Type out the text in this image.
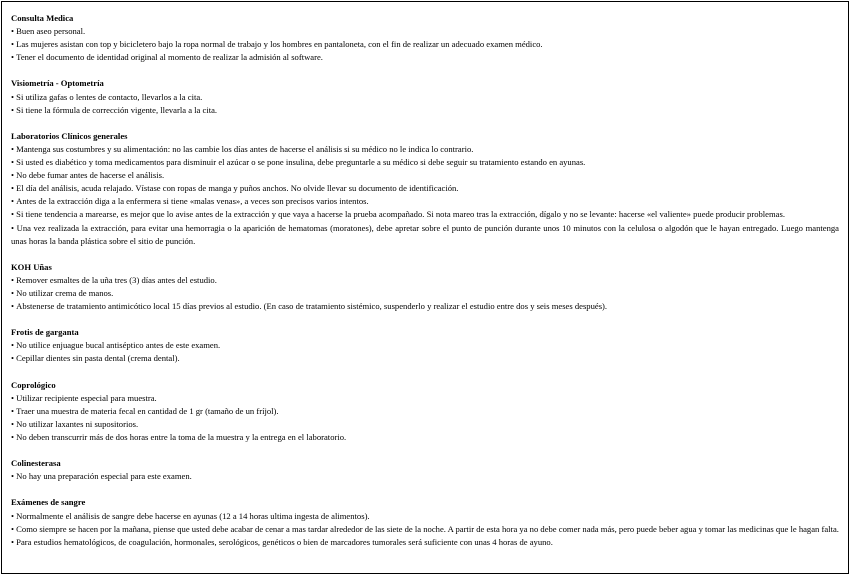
Consulta Medica
• Buen aseo personal.
• Las mujeres asistan con top y bicicletero bajo la ropa normal de trabajo y los hombres en pantaloneta, con el fin de realizar un adecuado examen médico.
• Tener el documento de identidad original al momento de realizar la admisión al software.
Visiometría - Optometría
• Si utiliza gafas o lentes de contacto, llevarlos a la cita.
• Si tiene la fórmula de corrección vigente, llevarla a la cita.
Laboratorios Clínicos generales
• Mantenga sus costumbres y su alimentación: no las cambie los días antes de hacerse el análisis si su médico no le indica lo contrario.
• Si usted es diabético y toma medicamentos para disminuir el azúcar o se pone insulina, debe preguntarle a su médico si debe seguir su tratamiento estando en ayunas.
• No debe fumar antes de hacerse el análisis.
• El día del análisis, acuda relajado. Vístase con ropas de manga y puños anchos. No olvide llevar su documento de identificación.
• Antes de la extracción diga a la enfermera si tiene «malas venas», a veces son precisos varios intentos.
• Si tiene tendencia a marearse, es mejor que lo avise antes de la extracción y que vaya a hacerse la prueba acompañado. Si nota mareo tras la extracción, dígalo y no se levante: hacerse «el valiente» puede producir problemas.
• Una vez realizada la extracción, para evitar una hemorragia o la aparición de hematomas (moratones), debe apretar sobre el punto de punción durante unos 10 minutos con la celulosa o algodón que le hayan entregado. Luego mantenga unas horas la banda plástica sobre el sitio de punción.
KOH Uñas
• Remover esmaltes de la uña tres (3) días antes del estudio.
• No utilizar crema de manos.
• Abstenerse de tratamiento antimicótico local 15 días previos al estudio. (En caso de tratamiento sistémico, suspenderlo y realizar el estudio entre dos y seis meses después).
Frotis de garganta
• No utilice enjuague bucal antiséptico antes de este examen.
• Cepillar dientes sin pasta dental (crema dental).
Coprológico
• Utilizar recipiente especial para muestra.
• Traer una muestra de materia fecal en cantidad de 1 gr (tamaño de un fríjol).
• No utilizar laxantes ni supositorios.
• No deben transcurrir más de dos horas entre la toma de la muestra y la entrega en el laboratorio.
Colinesterasa
• No hay una preparación especial para este examen.
Exámenes de sangre
• Normalmente el análisis de sangre debe hacerse en ayunas (12 a 14 horas ultima ingesta de alimentos).
• Como siempre se hacen por la mañana, piense que usted debe acabar de cenar a mas tardar alrededor de las siete de la noche. A partir de esta hora ya no debe comer nada más, pero puede beber agua y tomar las medicinas que le hagan falta.
• Para estudios hematológicos, de coagulación, hormonales, serológicos, genéticos o bien de marcadores tumorales será suficiente con unas 4 horas de ayuno.
